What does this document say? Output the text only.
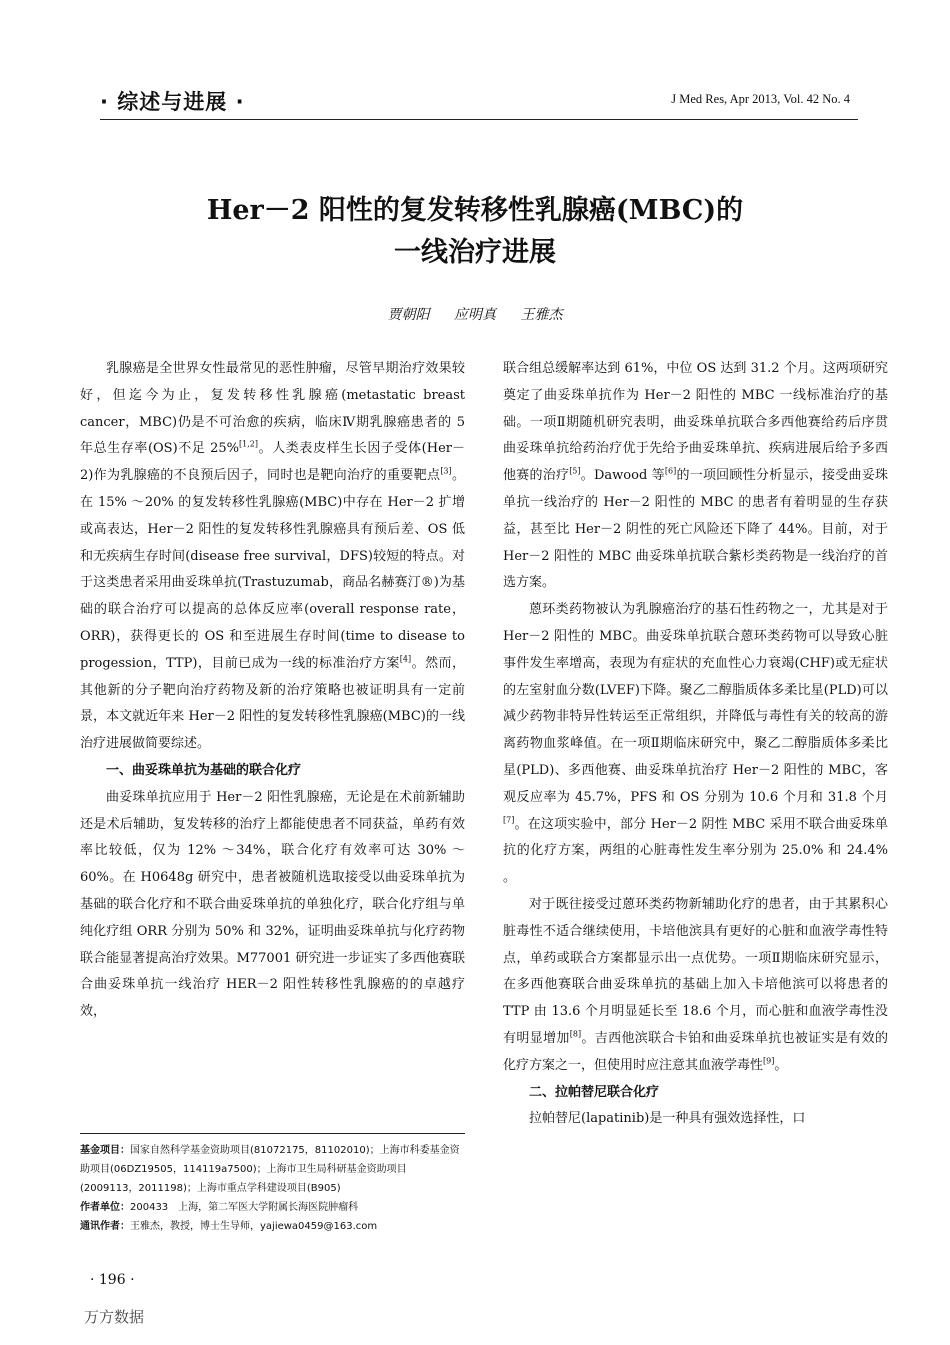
· 综述与进展 ·	J Med Res, Apr 2013, Vol. 42 No. 4
Her－2 阳性的复发转移性乳腺癌(MBC)的
一线治疗进展
贾朝阳 应明真 王雅杰

乳腺癌是全世界女性最常见的恶性肿瘤，尽管早期治疗效果较好，但迄今为止，复发转移性乳腺癌(metastatic breast cancer，MBC)仍是不可治愈的疾病，临床Ⅳ期乳腺癌患者的 5 年总生存率(OS)不足 25%[1,2]。人类表皮样生长因子受体(Her－2)作为乳腺癌的不良预后因子，同时也是靶向治疗的重要靶点[3]。在 15% ～20% 的复发转移性乳腺癌(MBC)中存在 Her－2 扩增或高表达，Her－2 阳性的复发转移性乳腺癌具有预后差、OS 低和无疾病生存时间(disease free survival，DFS)较短的特点。对于这类患者采用曲妥珠单抗(Trastuzumab，商品名赫赛汀®)为基础的联合治疗可以提高的总体反应率(overall response rate，ORR)，获得更长的 OS 和至进展生存时间(time to disease to progession，TTP)，目前已成为一线的标准治疗方案[4]。然而，其他新的分子靶向治疗药物及新的治疗策略也被证明具有一定前景，本文就近年来 Her－2 阳性的复发转移性乳腺癌(MBC)的一线治疗进展做简要综述。

一、曲妥珠单抗为基础的联合化疗

曲妥珠单抗应用于 Her－2 阳性乳腺癌，无论是在术前新辅助还是术后辅助，复发转移的治疗上都能使患者不同获益，单药有效率比较低，仅为 12% ～34%，联合化疗有效率可达 30% ～60%。在 H0648g 研究中，患者被随机选取接受以曲妥珠单抗为基础的联合化疗和不联合曲妥珠单抗的单独化疗，联合化疗组与单纯化疗组 ORR 分别为 50% 和 32%，证明曲妥珠单抗与化疗药物联合能显著提高治疗效果。M77001 研究进一步证实了多西他赛联合曲妥珠单抗一线治疗 HER－2 阳性转移性乳腺癌的的卓越疗效，

联合组总缓解率达到 61%，中位 OS 达到 31.2 个月。这两项研究奠定了曲妥珠单抗作为 Her－2 阳性的 MBC 一线标准治疗的基础。一项Ⅱ期随机研究表明，曲妥珠单抗联合多西他赛给药后序贯曲妥珠单抗给药治疗优于先给予曲妥珠单抗、疾病进展后给予多西他赛的治疗[5]。Dawood 等[6]的一项回顾性分析显示，接受曲妥珠单抗一线治疗的 Her－2 阳性的 MBC 的患者有着明显的生存获益，甚至比 Her－2 阴性的死亡风险还下降了 44%。目前，对于 Her－2 阳性的 MBC 曲妥珠单抗联合紫杉类药物是一线治疗的首选方案。

蒽环类药物被认为乳腺癌治疗的基石性药物之一，尤其是对于 Her－2 阳性的 MBC。曲妥珠单抗联合蒽环类药物可以导致心脏事件发生率增高，表现为有症状的充血性心力衰竭(CHF)或无症状的左室射血分数(LVEF)下降。聚乙二醇脂质体多柔比星(PLD)可以减少药物非特异性转运至正常组织，并降低与毒性有关的较高的游离药物血浆峰值。在一项Ⅱ期临床研究中，聚乙二醇脂质体多柔比星(PLD)、多西他赛、曲妥珠单抗治疗 Her－2 阳性的 MBC，客观反应率为 45.7%，PFS 和 OS 分别为 10.6 个月和 31.8 个月[7]。在这项实验中，部分 Her－2 阴性 MBC 采用不联合曲妥珠单抗的化疗方案，两组的心脏毒性发生率分别为 25.0% 和 24.4% 。

对于既往接受过蒽环类药物新辅助化疗的患者，由于其累积心脏毒性不适合继续使用，卡培他滨具有更好的心脏和血液学毒性特点，单药或联合方案都显示出一点优势。一项Ⅱ期临床研究显示，在多西他赛联合曲妥珠单抗的基础上加入卡培他滨可以将患者的 TTP 由 13.6 个月明显延长至 18.6 个月，而心脏和血液学毒性没有明显增加[8]。吉西他滨联合卡铂和曲妥珠单抗也被证实是有效的化疗方案之一，但使用时应注意其血液学毒性[9]。

二、拉帕替尼联合化疗

拉帕替尼(lapatinib)是一种具有强效选择性，口

基金项目：国家自然科学基金资助项目(81072175，81102010)；上海市科委基金资助项目(06DZ19505，114119a7500)；上海市卫生局科研基金资助项目(2009113，2011198)；上海市重点学科建设项目(B905)

作者单位：200433　上海，第二军医大学附属长海医院肿瘤科

通讯作者：王雅杰，教授，博士生导师，yajiewa0459@163.com

· 196 ·
万方数据
